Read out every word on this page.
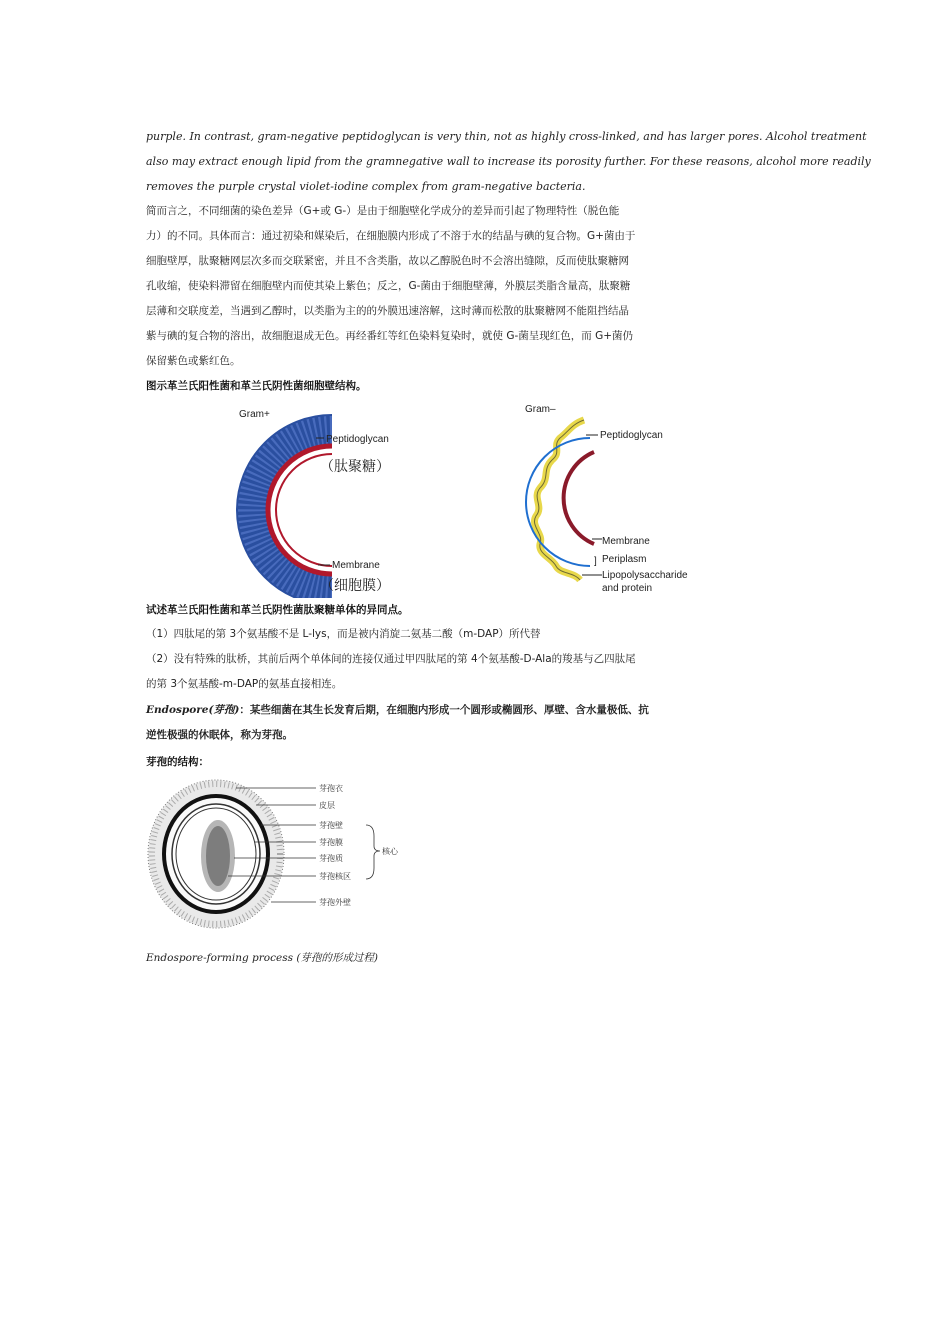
purple. In contrast, gram-negative peptidoglycan is very thin, not as highly cross-linked, and has larger pores. Alcohol treatment
also may extract enough lipid from the gramnegative wall to increase its porosity further. For these reasons, alcohol more readily
removes the purple crystal violet-iodine complex from gram-negative bacteria.
简而言之，不同细菌的染色差异（G+或 G-）是由于细胞壁化学成分的差异而引起了物理特性（脱色能
力）的不同。具体而言：通过初染和媒染后，在细胞膜内形成了不溶于水的结晶与碘的复合物。G+菌由于
细胞壁厚，肽聚糖网层次多而交联紧密，并且不含类脂，故以乙醇脱色时不会溶出缝隙，反而使肽聚糖网
孔收缩，使染料滞留在细胞壁内而使其染上紫色；反之，G-菌由于细胞壁薄，外膜层类脂含量高，肽聚糖
层薄和交联度差，当遇到乙醇时，以类脂为主的的外膜迅速溶解，这时薄而松散的肽聚糖网不能阻挡结晶
紫与碘的复合物的溶出，故细胞退成无色。再经番红等红色染料复染时，就使 G-菌呈现红色，而 G+菌仍
保留紫色或紫红色。
图示革兰氏阳性菌和革兰氏阴性菌细胞壁结构。
Gram+
Peptidoglycan
（肽聚糖）
Membrane
（细胞膜）
Gram–
Peptidoglycan
Membrane
] Periplasm
Lipopolysaccharide
and protein
试述革兰氏阳性菌和革兰氏阴性菌肽聚糖单体的异同点。
（1）四肽尾的第 3个氨基酸不是 L-lys，而是被内消旋二氨基二酸（m-DAP）所代替
（2）没有特殊的肽桥，其前后两个单体间的连接仅通过甲四肽尾的第 4个氨基酸-D-Ala的羧基与乙四肽尾
的第 3个氨基酸-m-DAP的氨基直接相连。
Endospore(芽孢)：某些细菌在其生长发育后期，在细胞内形成一个圆形或椭圆形、厚壁、含水量极低、抗
逆性极强的休眠体，称为芽孢。
芽孢的结构：
芽孢衣
皮层
芽孢壁
芽孢膜
芽孢质
芽孢核区
芽孢外壁
核心
Endospore-forming process (芽孢的形成过程)
